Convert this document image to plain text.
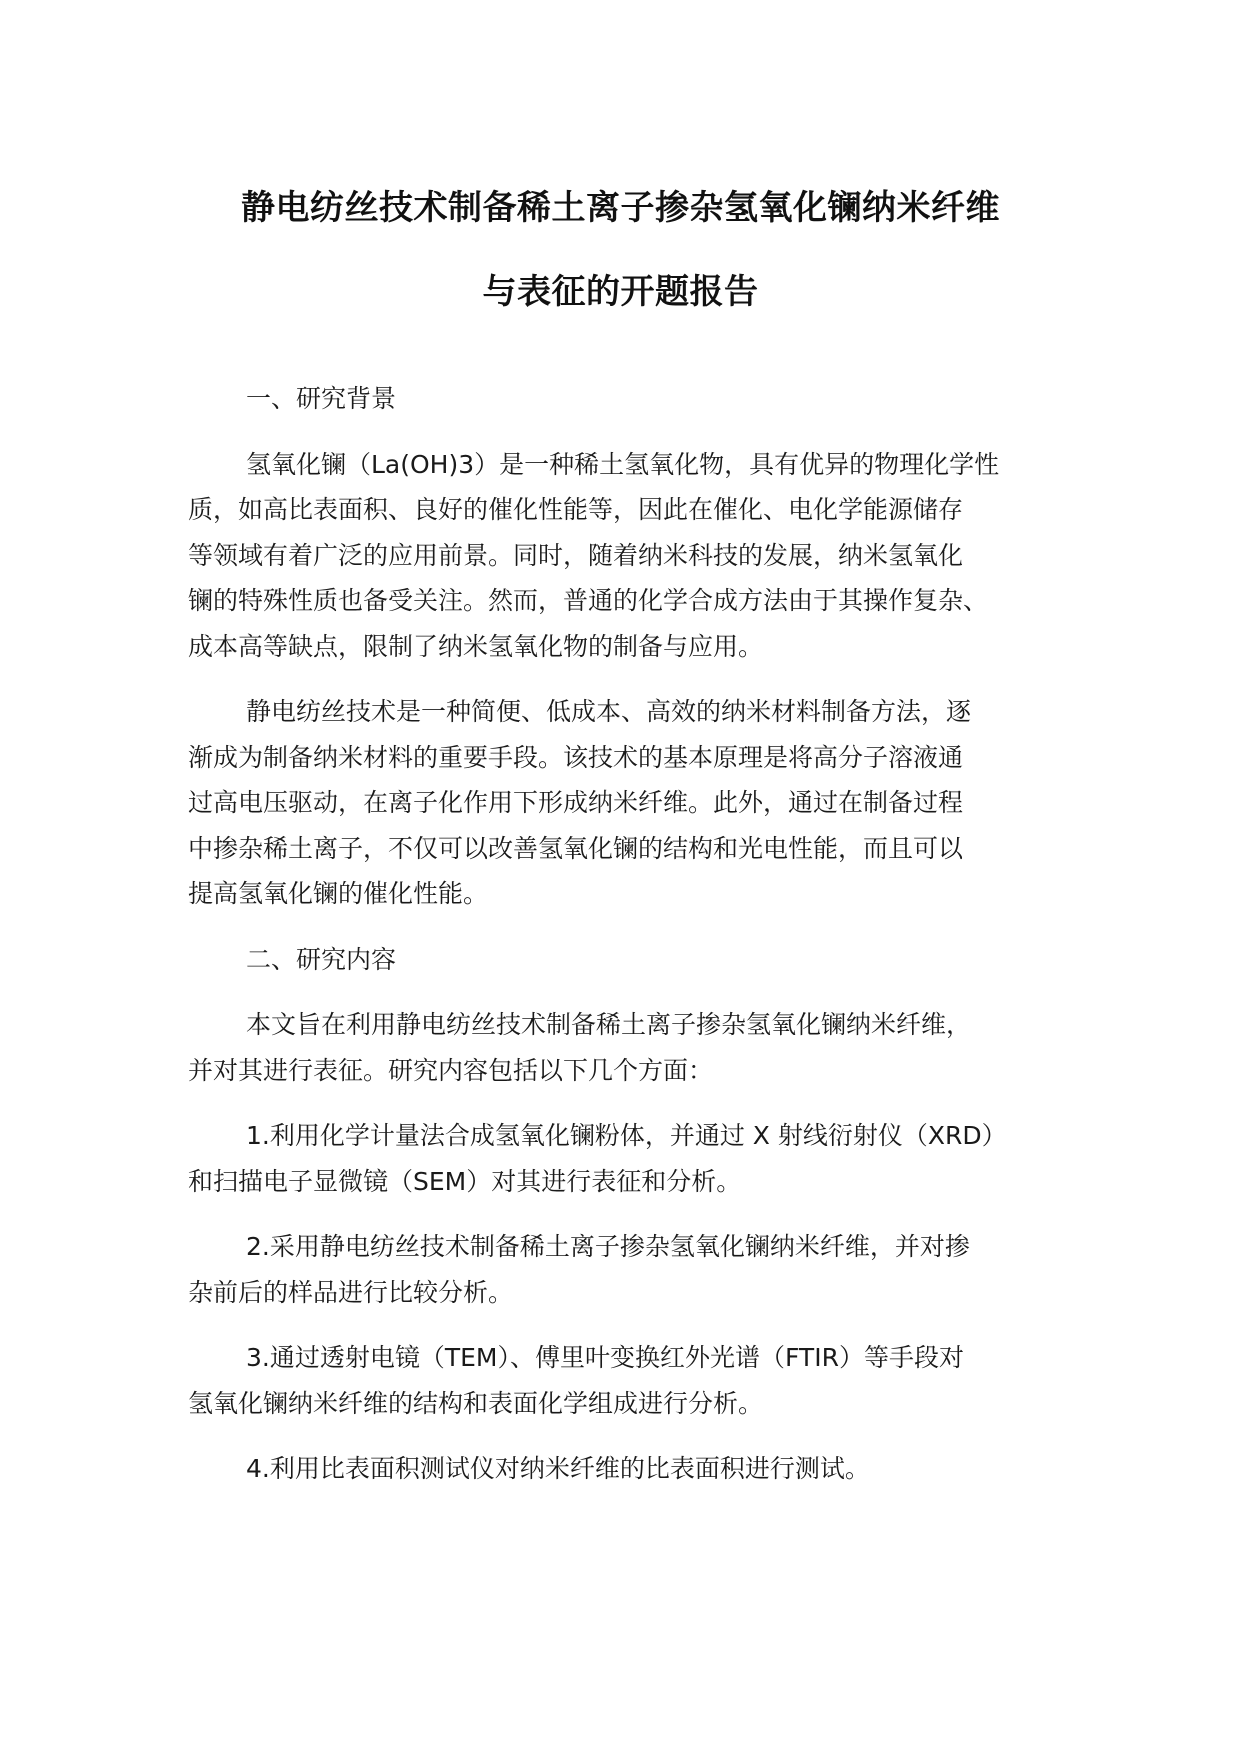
静电纺丝技术制备稀土离子掺杂氢氧化镧纳米纤维
与表征的开题报告

一、研究背景

氢氧化镧（La(OH)3）是一种稀土氢氧化物，具有优异的物理化学性
质，如高比表面积、良好的催化性能等，因此在催化、电化学能源储存
等领域有着广泛的应用前景。同时，随着纳米科技的发展，纳米氢氧化
镧的特殊性质也备受关注。然而，普通的化学合成方法由于其操作复杂、
成本高等缺点，限制了纳米氢氧化物的制备与应用。

静电纺丝技术是一种简便、低成本、高效的纳米材料制备方法，逐
渐成为制备纳米材料的重要手段。该技术的基本原理是将高分子溶液通
过高电压驱动，在离子化作用下形成纳米纤维。此外，通过在制备过程
中掺杂稀土离子，不仅可以改善氢氧化镧的结构和光电性能，而且可以
提高氢氧化镧的催化性能。

二、研究内容

本文旨在利用静电纺丝技术制备稀土离子掺杂氢氧化镧纳米纤维，
并对其进行表征。研究内容包括以下几个方面：

1.利用化学计量法合成氢氧化镧粉体，并通过 X 射线衍射仪（XRD）
和扫描电子显微镜（SEM）对其进行表征和分析。

2.采用静电纺丝技术制备稀土离子掺杂氢氧化镧纳米纤维，并对掺
杂前后的样品进行比较分析。

3.通过透射电镜（TEM）、傅里叶变换红外光谱（FTIR）等手段对
氢氧化镧纳米纤维的结构和表面化学组成进行分析。

4.利用比表面积测试仪对纳米纤维的比表面积进行测试。
